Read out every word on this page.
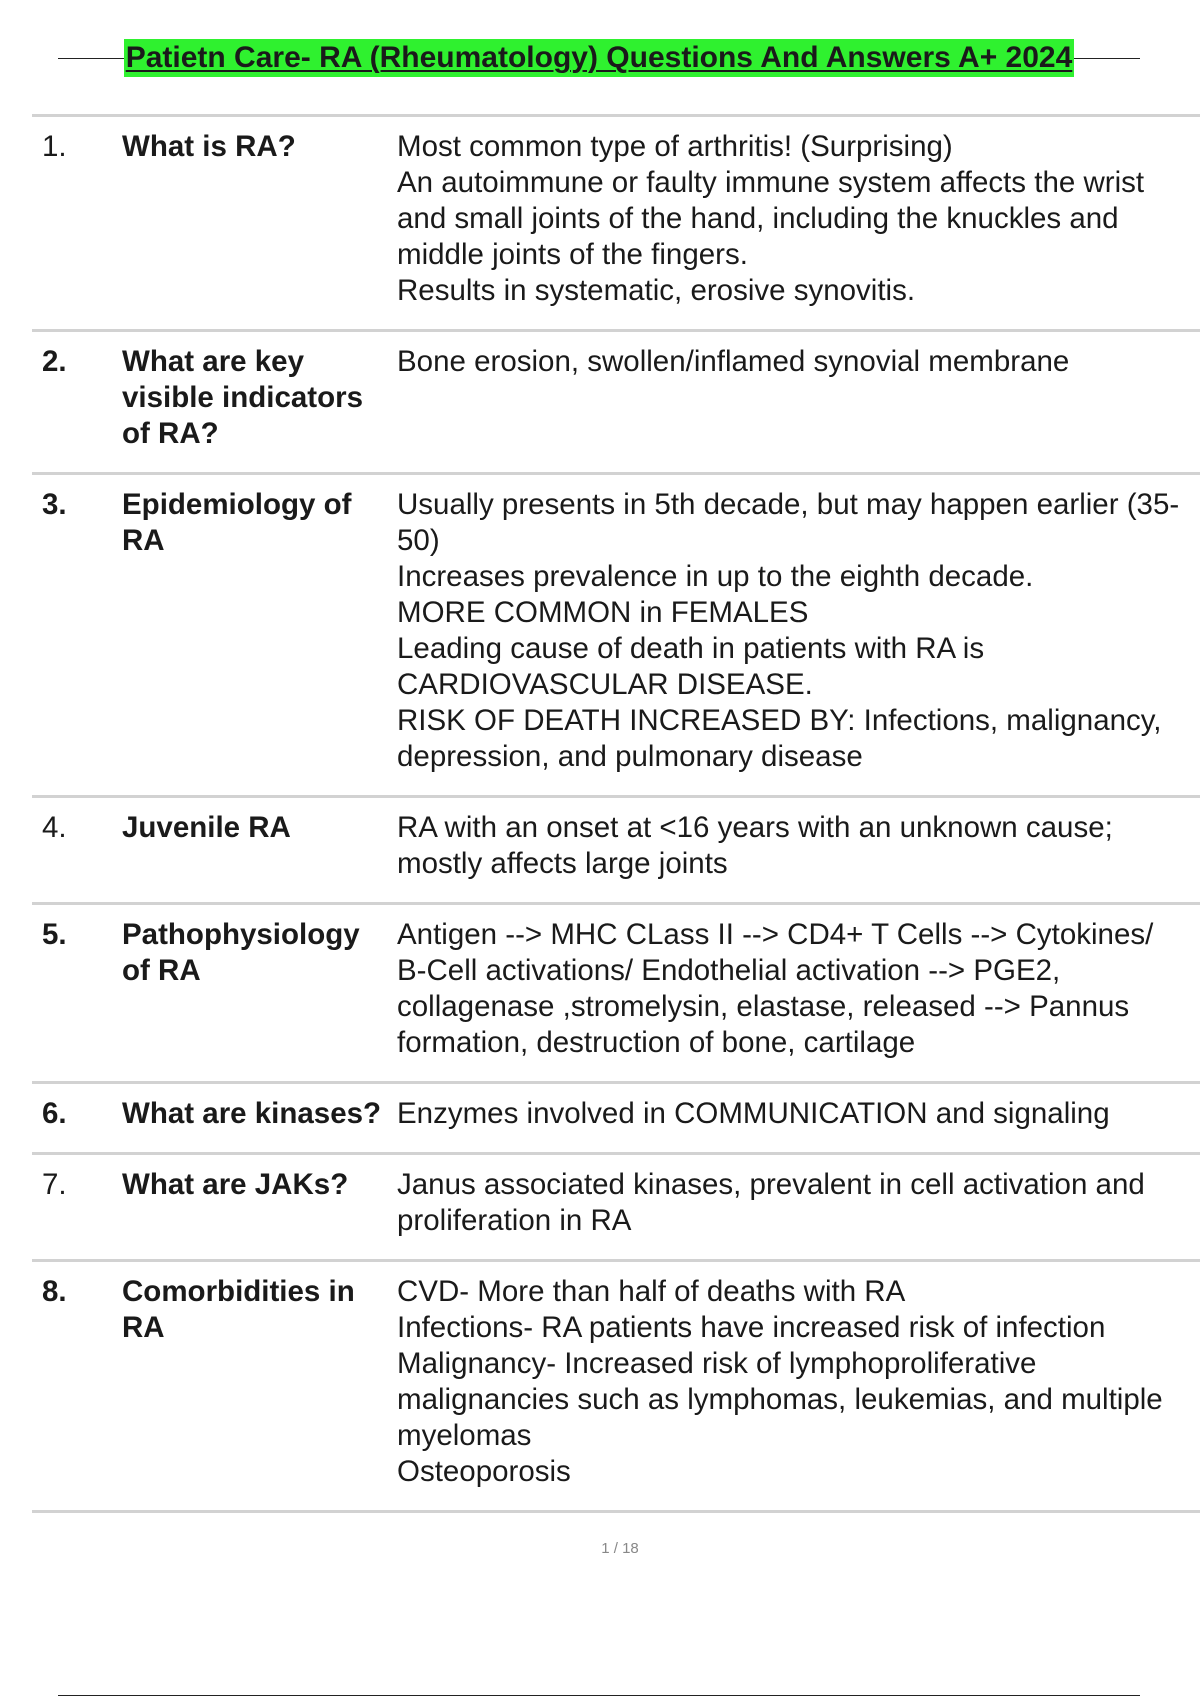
Patietn Care- RA (Rheumatology) Questions And Answers A+ 2024
1.	What is RA?	Most common type of arthritis! (Surprising)
An autoimmune or faulty immune system affects the wrist and small joints of the hand, including the knuckles and middle joints of the fingers.
Results in systematic, erosive synovitis.

2.	What are key visible indicators of RA?	Bone erosion, swollen/inflamed synovial membrane

3.	Epidemiology of RA	Usually presents in 5th decade, but may happen earlier (35-50)
Increases prevalence in up to the eighth decade.
MORE COMMON in FEMALES
Leading cause of death in patients with RA is CARDIOVASCULAR DISEASE.
RISK OF DEATH INCREASED BY: Infections, malignancy, depression, and pulmonary disease

4.	Juvenile RA	RA with an onset at <16 years with an unknown cause; mostly affects large joints

5.	Pathophysiology of RA	Antigen --> MHC CLass II --> CD4+ T Cells --> Cytokines/ B-Cell activations/ Endothelial activation --> PGE2, collagenase ,stromelysin, elastase, released --> Pannus formation, destruction of bone, cartilage

6.	What are kinases?	Enzymes involved in COMMUNICATION and signaling

7.	What are JAKs?	Janus associated kinases, prevalent in cell activation and proliferation in RA

8.	Comorbidities in RA	CVD- More than half of deaths with RA
Infections- RA patients have increased risk of infection
Malignancy- Increased risk of lymphoproliferative malignancies such as lymphomas, leukemias, and multiple myelomas
Osteoporosis
1 / 18
